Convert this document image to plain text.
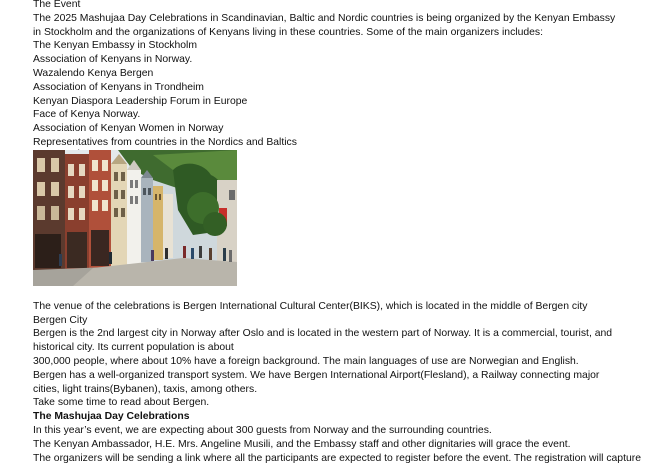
The Event
The 2025 Mashujaa Day Celebrations in Scandinavian, Baltic and Nordic countries is being organized by the Kenyan Embassy in Stockholm and the organizations of Kenyans living in these countries. Some of the main organizers includes:
The Kenyan Embassy in Stockholm
Association of Kenyans in Norway.
Wazalendo Kenya Bergen
Association of Kenyans in Trondheim
Kenyan Diaspora Leadership Forum in Europe
Face of Kenya Norway.
Association of Kenyan Women in Norway
Representatives from countries in the Nordics and Baltics
The venue of the celebrations is Bergen International Cultural Center(BIKS), which is located in the middle of Bergen city
Bergen City
Bergen is the 2nd largest city in Norway after Oslo and is located in the western part of Norway. It is a commercial, tourist, and historical city. Its current population is about
300,000 people, where about 10% have a foreign background. The main languages of use are Norwegian and English.
Bergen has a well-organized transport system. We have Bergen International Airport(Flesland), a Railway connecting major cities, light trains(Bybanen), taxis, among others.
Take some time to read about Bergen.
The Mashujaa Day Celebrations
In this year’s event, we are expecting about 300 guests from Norway and the surrounding countries.
The Kenyan Ambassador, H.E. Mrs. Angeline Musili, and the Embassy staff and other dignitaries will grace the event.
The organizers will be sending a link where all the participants are expected to register before the event. The registration will capture
